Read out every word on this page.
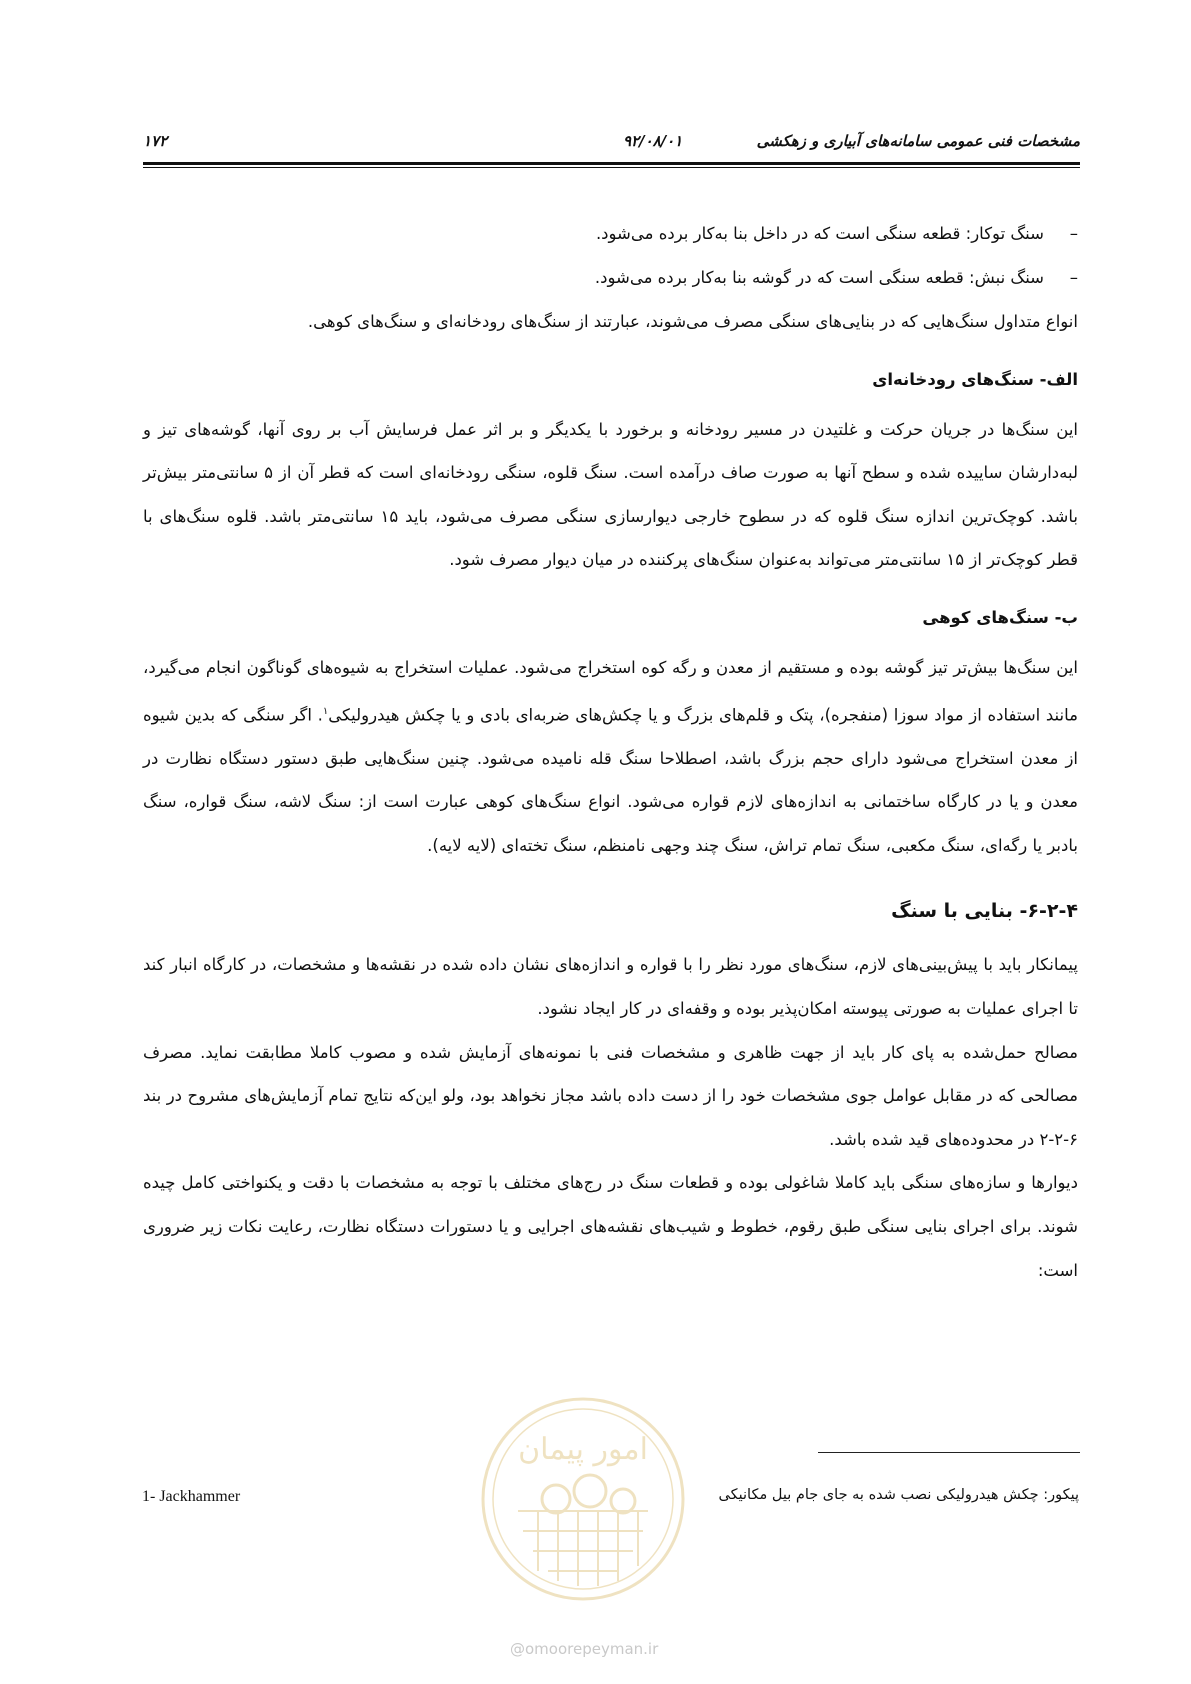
مشخصات فنی عمومی سامانه‌های آبیاری و زهکشی
۹۲/۰۸/۰۱
۱۷۲
–
سنگ توکار: قطعه سنگی است که در داخل بنا به‌کار برده می‌شود.
–
سنگ نبش: قطعه سنگی است که در گوشه بنا به‌کار برده می‌شود.

انواع متداول سنگ‌هایی که در بنایی‌های سنگی مصرف می‌شوند، عبارتند از سنگ‌های رودخانه‌ای و سنگ‌های کوهی.

الف- سنگ‌های رودخانه‌ای

این سنگ‌ها در جریان حرکت و غلتیدن در مسیر رودخانه و برخورد با یکدیگر و بر اثر عمل فرسایش آب بر روی آنها، گوشه‌های تیز و لبه‌دارشان ساییده شده و سطح آنها به صورت صاف درآمده است. سنگ قلوه، سنگی رودخانه‌ای است که قطر آن از ۵ سانتی‌متر بیش‌تر باشد. کوچک‌ترین اندازه سنگ قلوه که در سطوح خارجی دیوارسازی سنگی مصرف می‌شود، باید ۱۵ سانتی‌متر باشد. قلوه سنگ‌های با قطر کوچک‌تر از ۱۵ سانتی‌متر می‌تواند به‌عنوان سنگ‌های پرکننده در میان دیوار مصرف شود.

ب- سنگ‌های کوهی

این سنگ‌ها بیش‌تر تیز گوشه بوده و مستقیم از معدن و رگه کوه استخراج می‌شود. عملیات استخراج به شیوه‌های گوناگون انجام می‌گیرد، مانند استفاده از مواد سوزا (منفجره)، پتک و قلم‌های بزرگ و یا چکش‌های ضربه‌ای بادی و یا چکش هیدرولیکی$^۱$. اگر سنگی که بدین شیوه از معدن استخراج می‌شود دارای حجم بزرگ باشد، اصطلاحا سنگ قله نامیده می‌شود. چنین سنگ‌هایی طبق دستور دستگاه نظارت در معدن و یا در کارگاه ساختمانی به اندازه‌های لازم قواره می‌شود. انواع سنگ‌های کوهی عبارت است از: سنگ لاشه، سنگ قواره، سنگ بادبر یا رگه‌ای، سنگ مکعبی، سنگ تمام تراش، سنگ چند وجهی نامنظم، سنگ تخته‌ای (لایه لایه).

۶-۲-۴- بنایی با سنگ

پیمانکار باید با پیش‌بینی‌های لازم، سنگ‌های مورد نظر را با قواره و اندازه‌های نشان داده شده در نقشه‌ها و مشخصات، در کارگاه انبار کند تا اجرای عملیات به صورتی پیوسته امکان‌پذیر بوده و وقفه‌ای در کار ایجاد نشود.

مصالح حمل‌شده به پای کار باید از جهت ظاهری و مشخصات فنی با نمونه‌های آزمایش شده و مصوب کاملا مطابقت نماید. مصرف مصالحی که در مقابل عوامل جوی مشخصات خود را از دست داده باشد مجاز نخواهد بود، ولو این‌که نتایج تمام آزمایش‌های مشروح در بند ۶-۲-۲ در محدوده‌های قید شده باشد.

دیوارها و سازه‌های سنگی باید کاملا شاغولی بوده و قطعات سنگ در رج‌های مختلف با توجه به مشخصات با دقت و یکنواختی کامل چیده شوند. برای اجرای بنایی سنگی طبق رقوم، خطوط و شیب‌های نقشه‌های اجرایی و یا دستورات دستگاه نظارت، رعایت نکات زیر ضروری است:

امور پیمان
@omoorepeyman.ir
پیکور: چکش هیدرولیکی نصب شده به جای جام بیل مکانیکی
1- Jackhammer
